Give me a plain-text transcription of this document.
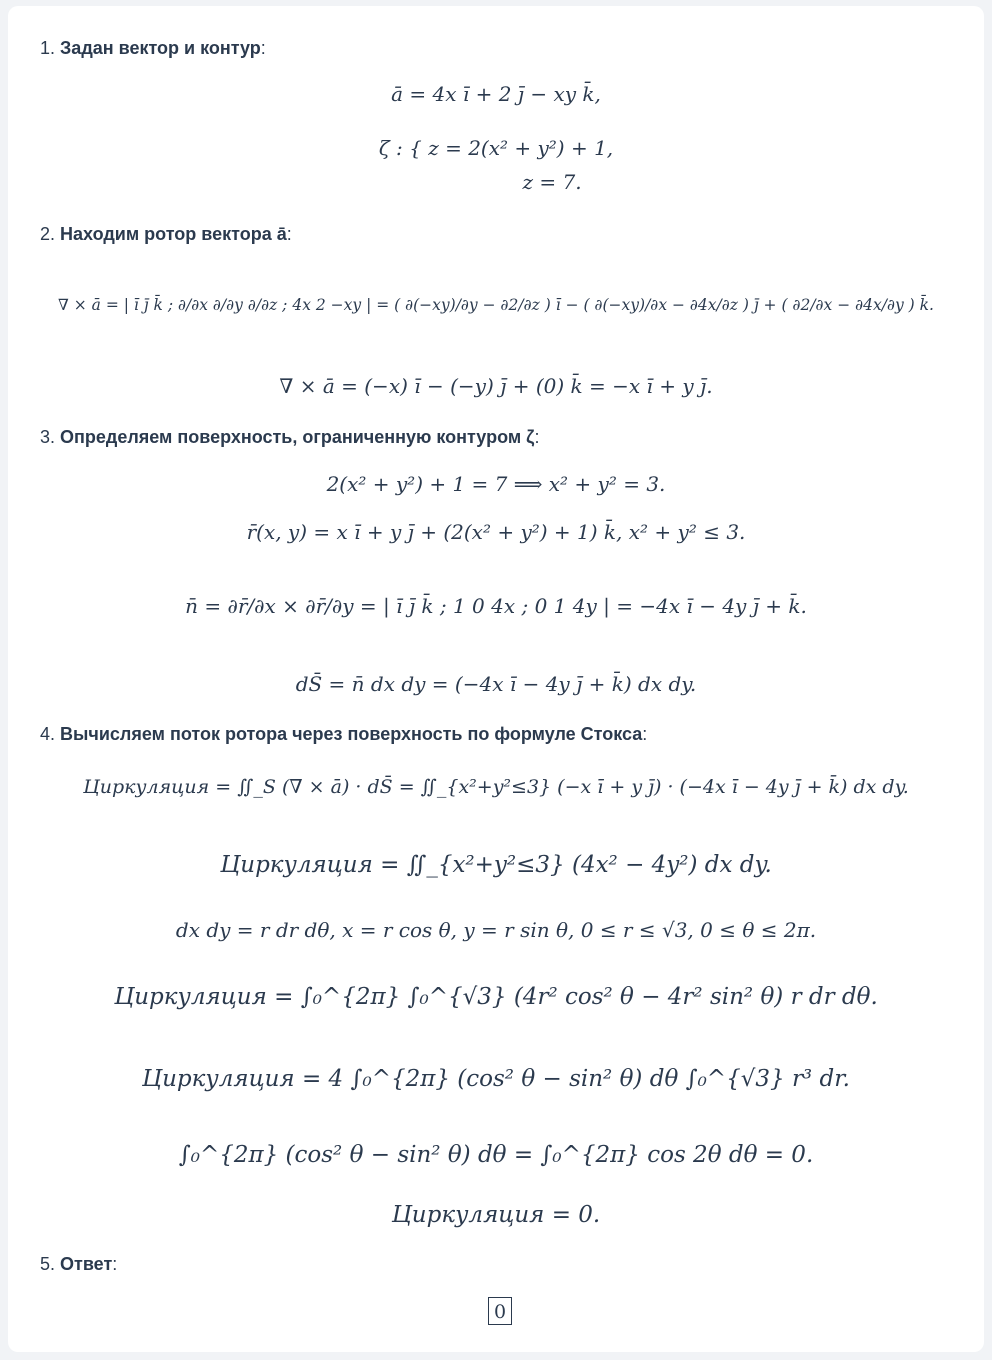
1. Задан вектор и контур:
ā = 4x ī + 2 j̄ − xy k̄,
ζ : { z = 2(x² + y²) + 1,
z = 7.
2. Находим ротор вектора ā:
∇ × ā = | ī j̄ k̄ ; ∂/∂x ∂/∂y ∂/∂z ; 4x 2 −xy | = ( ∂(−xy)/∂y − ∂2/∂z ) ī − ( ∂(−xy)/∂x − ∂4x/∂z ) j̄ + ( ∂2/∂x − ∂4x/∂y ) k̄.
∇ × ā = (−x) ī − (−y) j̄ + (0) k̄ = −x ī + y j̄.
3. Определяем поверхность, ограниченную контуром ζ:
2(x² + y²) + 1 = 7 ⟹ x² + y² = 3.
r̄(x, y) = x ī + y j̄ + (2(x² + y²) + 1) k̄, x² + y² ≤ 3.
n̄ = ∂r̄/∂x × ∂r̄/∂y = | ī j̄ k̄ ; 1 0 4x ; 0 1 4y | = −4x ī − 4y j̄ + k̄.
dS̄ = n̄ dx dy = (−4x ī − 4y j̄ + k̄) dx dy.
4. Вычисляем поток ротора через поверхность по формуле Стокса:
Циркуляция = ∬_S (∇ × ā) · dS̄ = ∬_{x²+y²≤3} (−x ī + y j̄) · (−4x ī − 4y j̄ + k̄) dx dy.
Циркуляция = ∬_{x²+y²≤3} (4x² − 4y²) dx dy.
dx dy = r dr dθ, x = r cos θ, y = r sin θ, 0 ≤ r ≤ √3, 0 ≤ θ ≤ 2π.
Циркуляция = ∫₀^{2π} ∫₀^{√3} (4r² cos² θ − 4r² sin² θ) r dr dθ.
Циркуляция = 4 ∫₀^{2π} (cos² θ − sin² θ) dθ ∫₀^{√3} r³ dr.
∫₀^{2π} (cos² θ − sin² θ) dθ = ∫₀^{2π} cos 2θ dθ = 0.
Циркуляция = 0.
5. Ответ:
0
